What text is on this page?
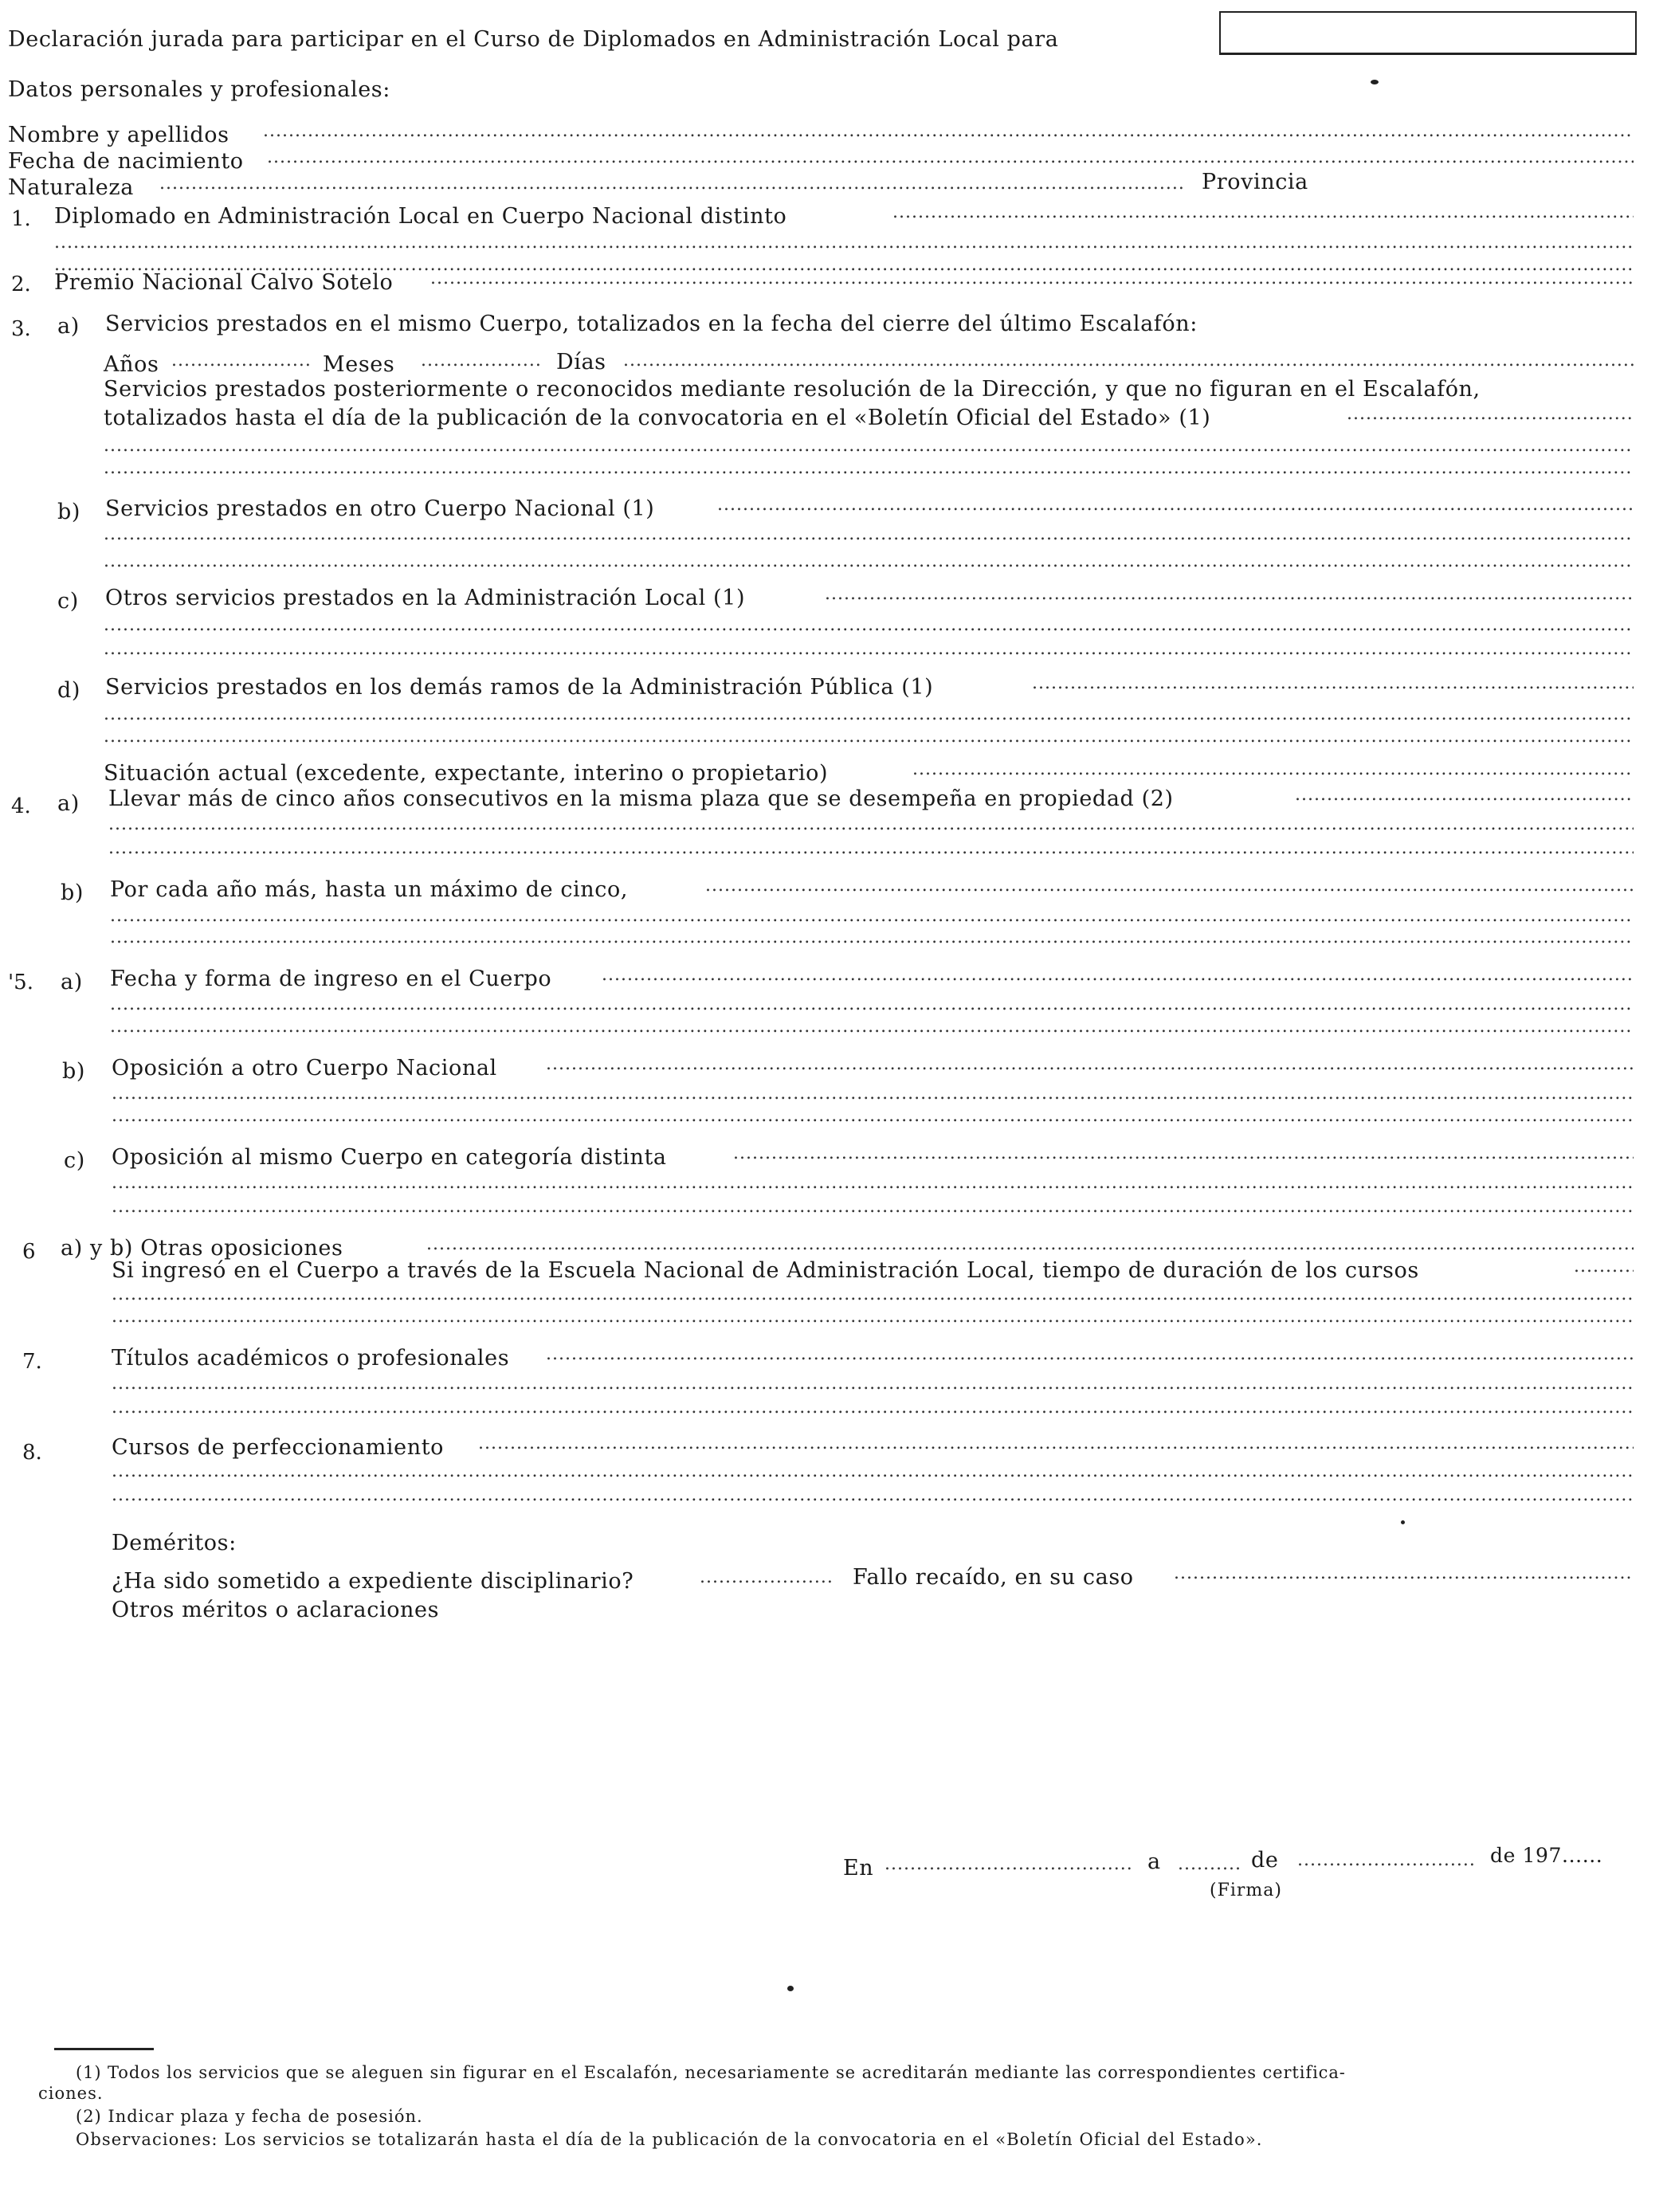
Declaración jurada para participar en el Curso de Diplomados en Administración Local para
Datos personales y profesionales:
Nombre y apellidos
.....
Fecha de nacimiento
.....
Naturaleza .....	Provincia
1. Diplomado en Administración Local en Cuerpo Nacional distinto
.....
.....
.....
2. Premio Nacional Calvo Sotelo
.....
3. a) Servicios prestados en el mismo Cuerpo, totalizados en la fecha del cierre del último Escalafón:
Años .....	Meses .....	Días
.....
Servicios prestados posteriormente o reconocidos mediante resolución de la Dirección, y que no figuran en el Escalafón,
totalizados hasta el día de la publicación de la convocatoria en el «Boletín Oficial del Estado» (1)
.....
.....
.....
b) Servicios prestados en otro Cuerpo Nacional (1)
.....
.....
.....
c) Otros servicios prestados en la Administración Local (1)
.....
.....
.....
d) Servicios prestados en los demás ramos de la Administración Pública (1)
.....
.....
.....
Situación actual (excedente, expectante, interino o propietario)
.....
4. a) Llevar más de cinco años consecutivos en la misma plaza que se desempeña en propiedad (2)
.....
.....
.....
b) Por cada año más, hasta un máximo de cinco,
.....
.....
.....
'5. a) Fecha y forma de ingreso en el Cuerpo
.....
.....
.....
b) Oposición a otro Cuerpo Nacional
.....
.....
.....
c) Oposición al mismo Cuerpo en categoría distinta
.....
.....
.....
6 a) y b) Otras oposiciones
.....
Si ingresó en el Cuerpo a través de la Escuela Nacional de Administración Local, tiempo de duración de los cursos
.....
.....
.....
7.	Títulos académicos o profesionales
.....
.....
.....
8.	Cursos de perfeccionamiento
.....
.....
.....
Deméritos:
¿Ha sido sometido a expediente disciplinario? .....	Fallo recaído, en su caso
.....
Otros méritos o aclaraciones
En .....	a .....	de .....	de 197......
(Firma)
(1) Todos los servicios que se aleguen sin figurar en el Escalafón, necesariamente se acreditarán mediante las correspondientes certifica-
ciones.
(2) Indicar plaza y fecha de posesión.
Observaciones: Los servicios se totalizarán hasta el día de la publicación de la convocatoria en el «Boletín Oficial del Estado».
